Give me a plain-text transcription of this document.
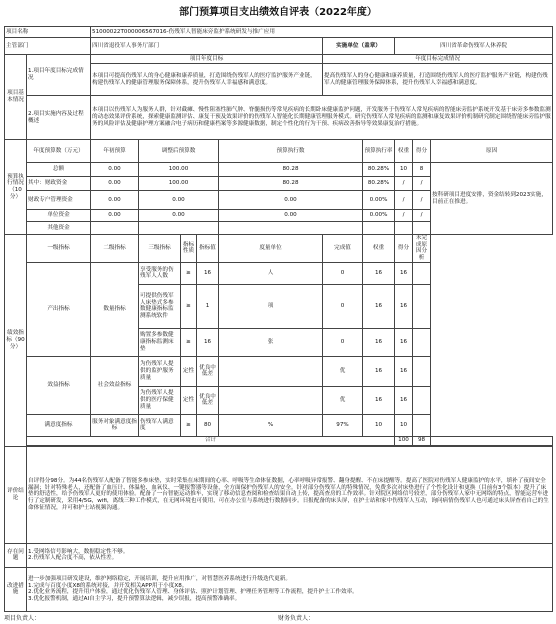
部门预算项目支出绩效自评表（2022年度）
项目名称		51000022T000006567016-伤残军人智能床旁监护系统研发与推广应用									
主管部门		四川省退役军人事务厅部门					实施单位（盖章）		四川省革命伤残军人休养院		
项目基本情况	1.项目年度目标完成情况	项目年度目标					年度目标完成情况				
		本项目可提高伤残军人的身心健康和康养质量，打造围绕伤残军人的医疗监护服务产业链，构建伤残军人的健康管理服务保障体系，提升伤残军人幸福感和满意度。					提高伤残军人的身心健康和康养质量，打造围绕伤残军人的医疗监护服务产业链，构建伤残军人的健康管理服务保障体系，提升伤残军人幸福感和满意度。				
	2.项目实施内容及过程概述	本项目以伤残军人为服务人群，针对截瘫、慢性阻塞性肺气肿、脊髓损伤等常见疾病的长期卧床健康监护问题，开发服务于伤残军人常见疾病的智能床旁监护系统开发基于床旁多参数监测的动态效果评价系统，探索健康监测评估、康复干预及效果评价的伤残军人智能化长期健康管理服务模式。研究伤残军人常见疾病的监测和康复效果评价机制研究制定围绕智能床旁监护服务的风险评估及健康护理方案融合电子病历和健康档案等多源健康数据，制定个性化的行为干预、疾病改善指导等效果康复治疗措施。									

预算执行情况（10分）	年度预算数（万元）	年初预算	调整后预算数			预算执行数		预算执行率	权重	得分	原因
	总额	0.00	100.00			80.28		80.28%	10	8	按科研项目进度安排，资金结转到2023实施，目前正在推进。
	其中：财政资金	0.00	100.00			80.28		80.28%	/	/	
	财政专户管理资金	0.00	0.00			0.00		0.00%	/	/	
	单位资金	0.00	0.00			0.00		0.00%	/	/	
	其他资金										
绩效指标（90分）	一级指标	二级指标	三级指标	指标性质	指标值	度量单位	完成值	权重	得分	未完成原因分析	
	产出指标	数量指标	享受服务的伤残军人人数	≥	16	人	0	16	16		
			可提供伤残军人床垫式多参数健康指标监测系统软件	≥	1	项	0	16	16		
			购置多参数健康指标监测床垫	≥	16	张	0	16	16		
	效益指标	社会效益指标	为伤残军人提供的监护服务质量	定性	优良中低差		优	16	16		
			为伤残军人提供的医疗保健质量	定性	优良中低差		优	16	16		
	满意度指标	服务对象满意度指标	伤残军人满意度	≥	80	%	97%	10	10		
	合计								100	98	

评价结论	自评得分98分。为44名伤残军人配备了智能多参床垫，实时采集在床期间的心率、呼吸等生命体征数据，心率呼吸异常报警、翻身提醒、不在床提醒等。提高了医院对伤残军人健康监护的水平，填补了夜间安全漏洞；针对特殊老人，还配备了血压计、体温枪、血氧仪、一键报警器等设备，全方面保护伤残军人的安全。针对部分伤残军人的特殊情况，免费多次对床垫进行了个性化设计和更换（目前有3个版本）提升了床垫的舒适性，给予伤残军人更好的使用体验。配备了一台智能运动推车，实现了移动信息查阅和检查结果自动上传，提高查房的工作效率。针对院区网络信号较差，部分伤残军人家中无网络的特点，智能运营车进行了定制研发，采用4/5G，wifi，离线三种工作模式，在无网环境也可使用，可在办公室与系统进行数据同步。日报配备的床头屏，在护士站和家中伤残军人互动，询问病情伤残军人也可通过床头屏查看自己的生命体征情况，并可和护士站视频沟通。										
存在问题	1.受网络信号影响大，数据稳定性不够。
2.伤残军人配合度不高，依从性差。										

改进措施	进一步加强项目研发建设，维护网络稳定，开展培训，提升应用推广，对智慧医养系统进行升级迭代更新。
1.完成与百度小度X8的系统对接，并开发相关APP用于小度X8。
2.优化业务流程，提升用户体验，通过优化伤残军人管理、身体评估、照护计划管理、护理任务管理等工作流程，提升护士工作效率。
3.优化报警机制，通过AI自主学习，提升预警算法逻辑，减少误报，提高预警准确率。										
项目负责人：	财务负责人：
